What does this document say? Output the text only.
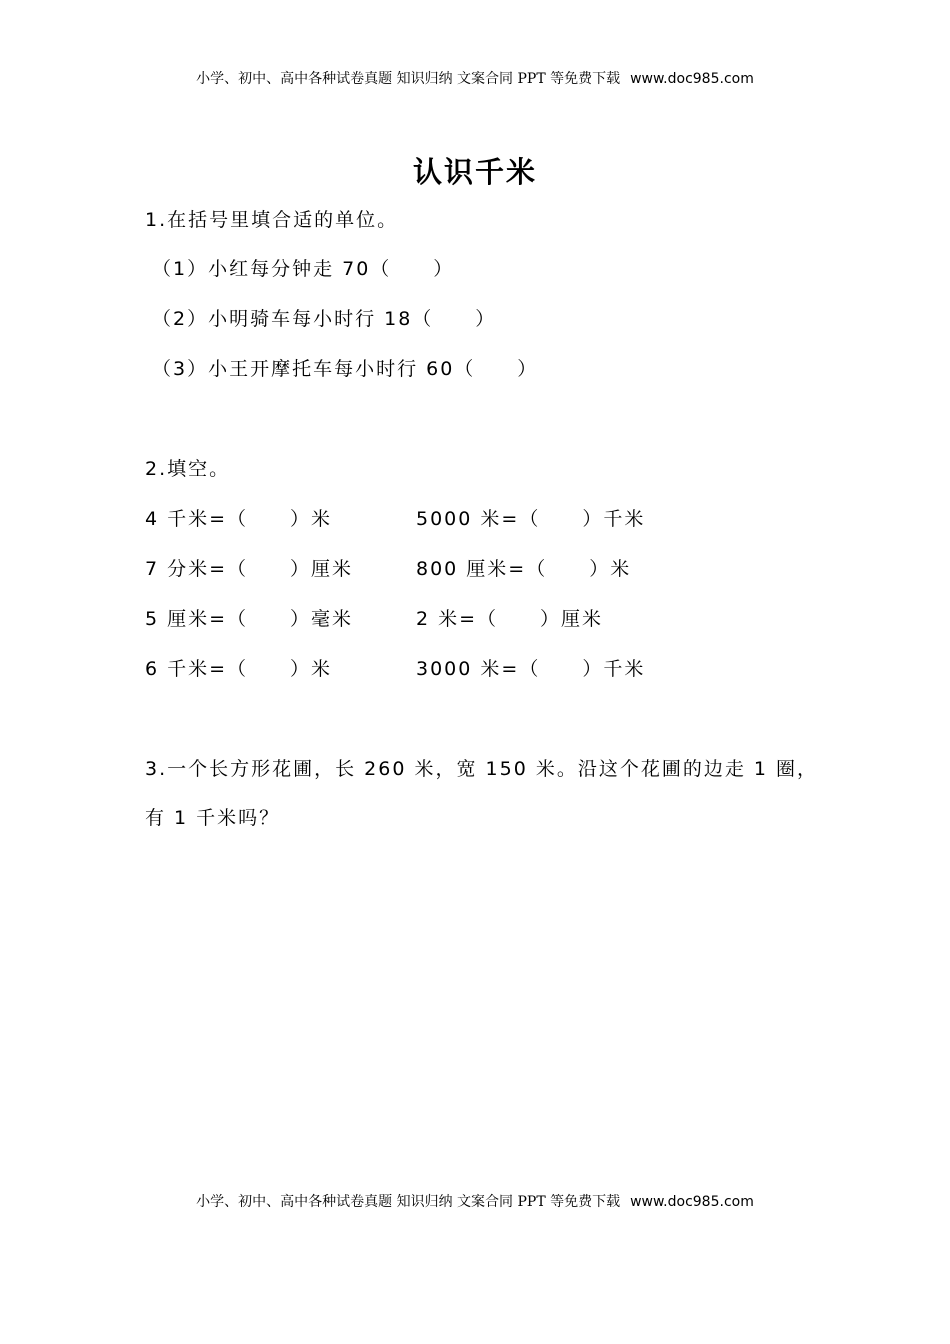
小学、初中、高中各种试卷真题 知识归纳 文案合同 PPT 等免费下载 www.doc985.com
认识千米
1.在括号里填合适的单位。
（1）小红每分钟走 70（　　）
（2）小明骑车每小时行 18（　　）
（3）小王开摩托车每小时行 60（　　）
2.填空。
4 千米=（　　）米	5000 米=（　　）千米
7 分米=（　　）厘米	800 厘米=（　　）米
5 厘米=（　　）毫米	2 米=（　　）厘米
6 千米=（　　）米	3000 米=（　　）千米
3.一个长方形花圃，长 260 米，宽 150 米。沿这个花圃的边走 1 圈，
有 1 千米吗？
小学、初中、高中各种试卷真题 知识归纳 文案合同 PPT 等免费下载 www.doc985.com
